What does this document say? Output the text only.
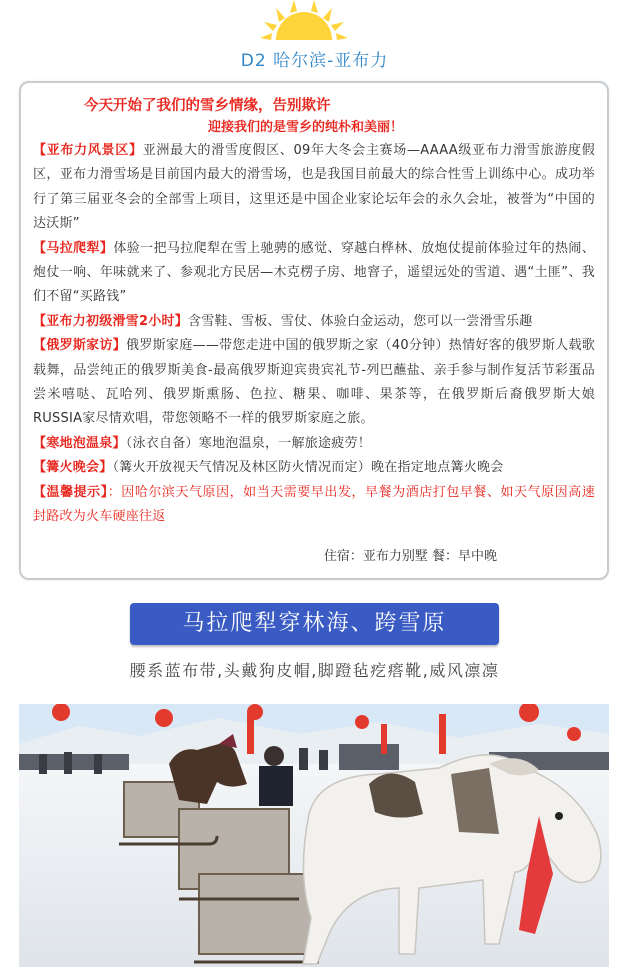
D2 哈尔滨-亚布力
今天开始了我们的雪乡情缘，告别欺许
迎接我们的是雪乡的纯朴和美丽！

【亚布力风景区】亚洲最大的滑雪度假区、09年大冬会主赛场—AAAA级亚布力滑雪旅游度假区，亚布力滑雪场是目前国内最大的滑雪场，也是我国目前最大的综合性雪上训练中心。成功举行了第三届亚冬会的全部雪上项目，这里还是中国企业家论坛年会的永久会址，被誉为“中国的达沃斯”

【马拉爬犁】体验一把马拉爬犁在雪上驰骋的感觉、穿越白桦林、放炮仗提前体验过年的热闹、炮仗一响、年味就来了、参观北方民居—木克楞子房、地窨子，遥望远处的雪道、遇“土匪”、我们不留“买路钱”

【亚布力初级滑雪2小时】含雪鞋、雪板、雪仗、体验白金运动，您可以一尝滑雪乐趣

【俄罗斯家访】俄罗斯家庭——带您走进中国的俄罗斯之家（40分钟）热情好客的俄罗斯人载歌载舞，品尝纯正的俄罗斯美食-最高俄罗斯迎宾贵宾礼节-列巴蘸盐、亲手参与制作复活节彩蛋品尝米嘻哒、瓦哈列、俄罗斯熏肠、色拉、糖果、咖啡、果茶等，在俄罗斯后裔俄罗斯大娘RUSSIA家尽情欢唱，带您领略不一样的俄罗斯家庭之旅。

【寒地泡温泉】（泳衣自备）寒地泡温泉，一解旅途疲劳！

【篝火晚会】（篝火开放视天气情况及林区防火情况而定）晚在指定地点篝火晚会

【温馨提示】：因哈尔滨天气原因，如当天需要早出发，早餐为酒店打包早餐、如天气原因高速封路改为火车硬座往返

住宿：亚布力别墅 餐：早中晚
马拉爬犁穿林海、跨雪原
腰系蓝布带,头戴狗皮帽,脚蹬毡疙瘩靴,威风凛凛
